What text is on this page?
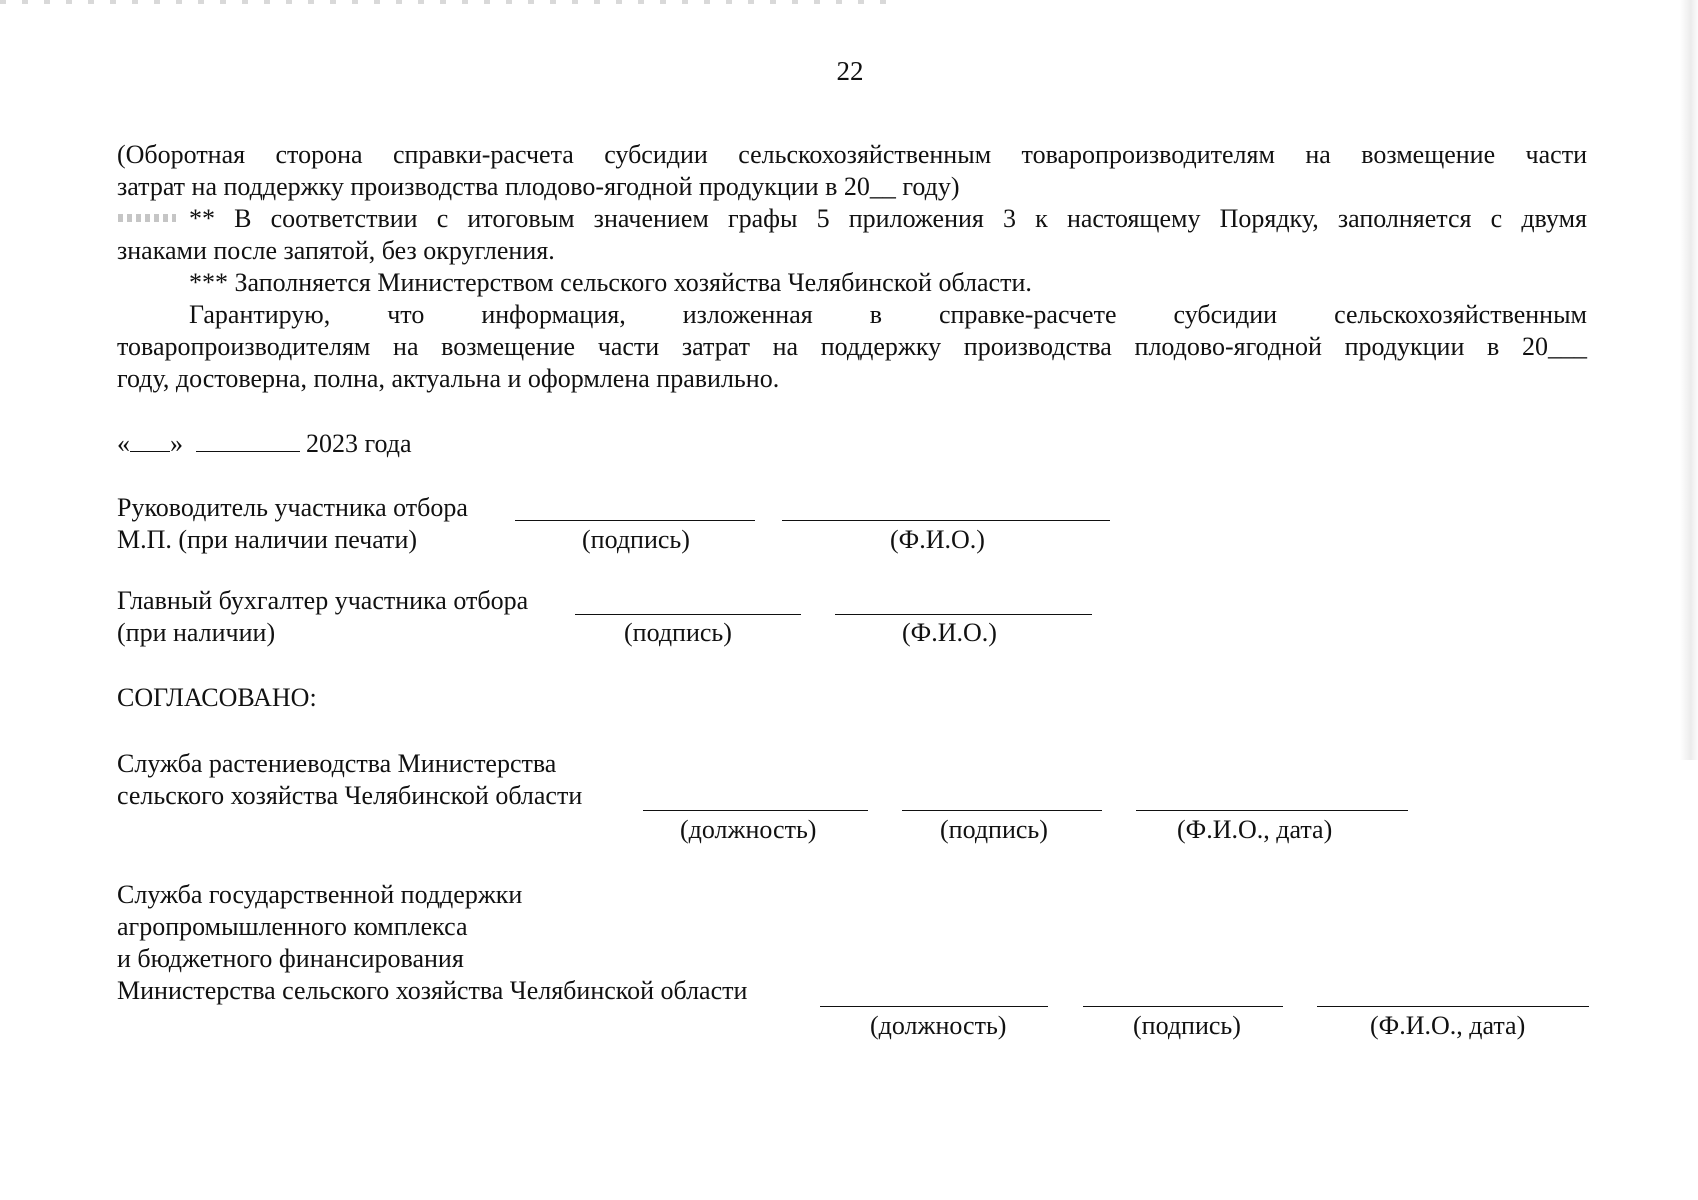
22
(Оборотная сторона справки-расчета субсидии сельскохозяйственным товаропроизводителям на возмещение части
затрат на поддержку производства плодово-ягодной продукции в 20__ году)
** В соответствии с итоговым значением графы 5 приложения 3 к настоящему Порядку, заполняется с двумя
знаками после запятой, без округления.
*** Заполняется Министерством сельского хозяйства Челябинской области.
Гарантирую, что информация, изложенная в справке-расчете субсидии сельскохозяйственным
товаропроизводителям на возмещение части затрат на поддержку производства плодово-ягодной продукции в 20___
году, достоверна, полна, актуальна и оформлена правильно.
« »	2023 года
Руководитель участника отбора
М.П. (при наличии печати)	(подпись)	(Ф.И.О.)
Главный бухгалтер участника отбора
(при наличии)	(подпись)	(Ф.И.О.)
СОГЛАСОВАНО:
Служба растениеводства Министерства
сельского хозяйства Челябинской области
(должность)	(подпись)	(Ф.И.О., дата)
Служба государственной поддержки
агропромышленного комплекса
и бюджетного финансирования
Министерства сельского хозяйства Челябинской области
(должность)	(подпись)	(Ф.И.О., дата)
